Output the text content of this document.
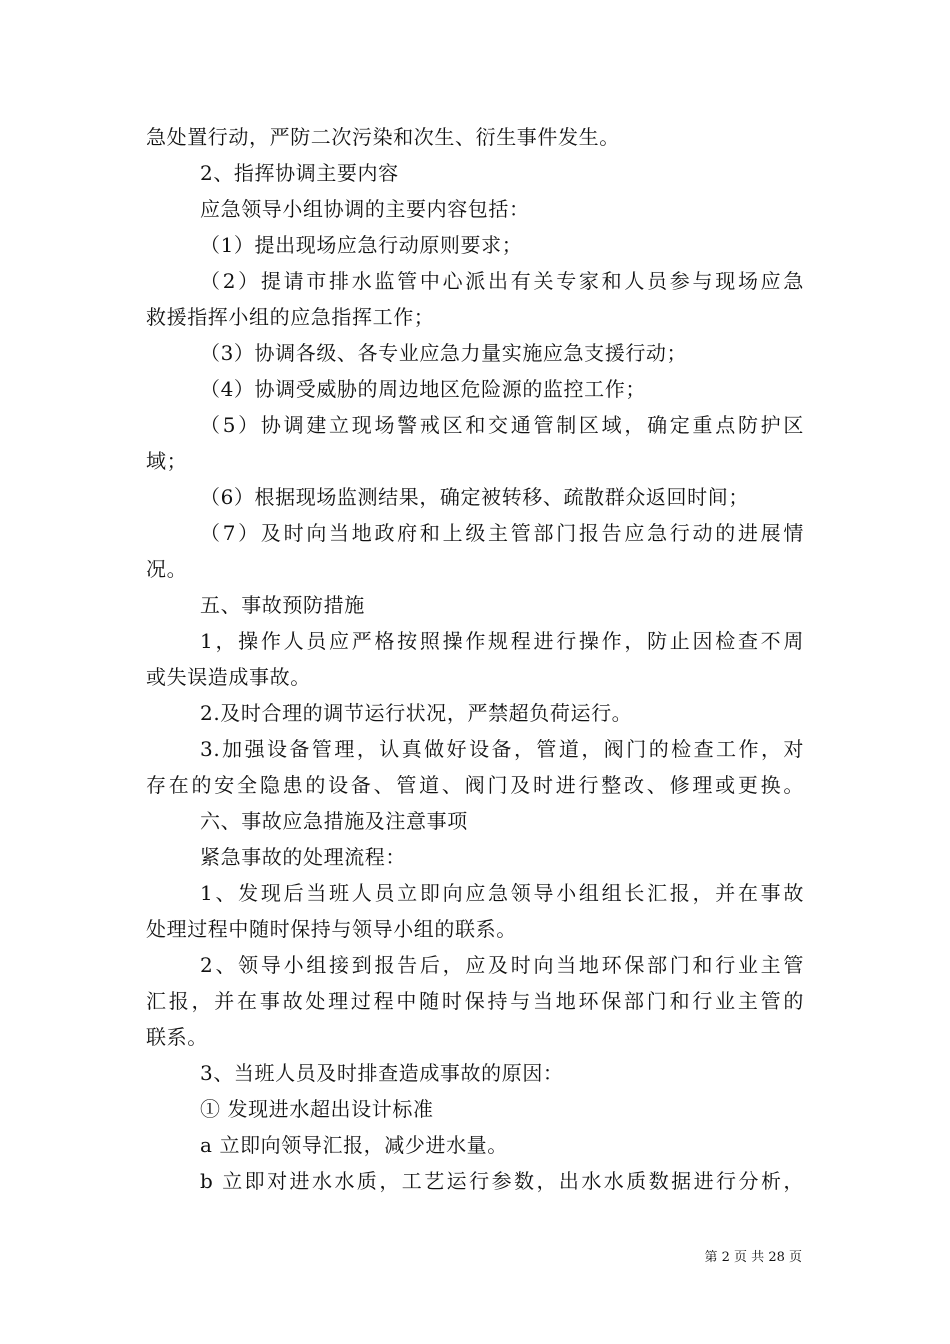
急处置行动，严防二次污染和次生、衍生事件发生。
2、指挥协调主要内容
应急领导小组协调的主要内容包括：
（1）提出现场应急行动原则要求；
（2）提请市排水监管中心派出有关专家和人员参与现场应急
救援指挥小组的应急指挥工作；
（3）协调各级、各专业应急力量实施应急支援行动；
（4）协调受威胁的周边地区危险源的监控工作；
（5）协调建立现场警戒区和交通管制区域，确定重点防护区
域；
（6）根据现场监测结果，确定被转移、疏散群众返回时间；
（7）及时向当地政府和上级主管部门报告应急行动的进展情
况。
五、事故预防措施
1，操作人员应严格按照操作规程进行操作，防止因检查不周
或失误造成事故。
2.及时合理的调节运行状况，严禁超负荷运行。
3.加强设备管理，认真做好设备，管道，阀门的检查工作，对
存在的安全隐患的设备、管道、阀门及时进行整改、修理或更换。
六、事故应急措施及注意事项
紧急事故的处理流程：
1、发现后当班人员立即向应急领导小组组长汇报，并在事故
处理过程中随时保持与领导小组的联系。
2、领导小组接到报告后，应及时向当地环保部门和行业主管
汇报，并在事故处理过程中随时保持与当地环保部门和行业主管的
联系。
3、当班人员及时排查造成事故的原因：
① 发现进水超出设计标准
a 立即向领导汇报，减少进水量。
b 立即对进水水质，工艺运行参数，出水水质数据进行分析，
第 2 页 共 28 页
